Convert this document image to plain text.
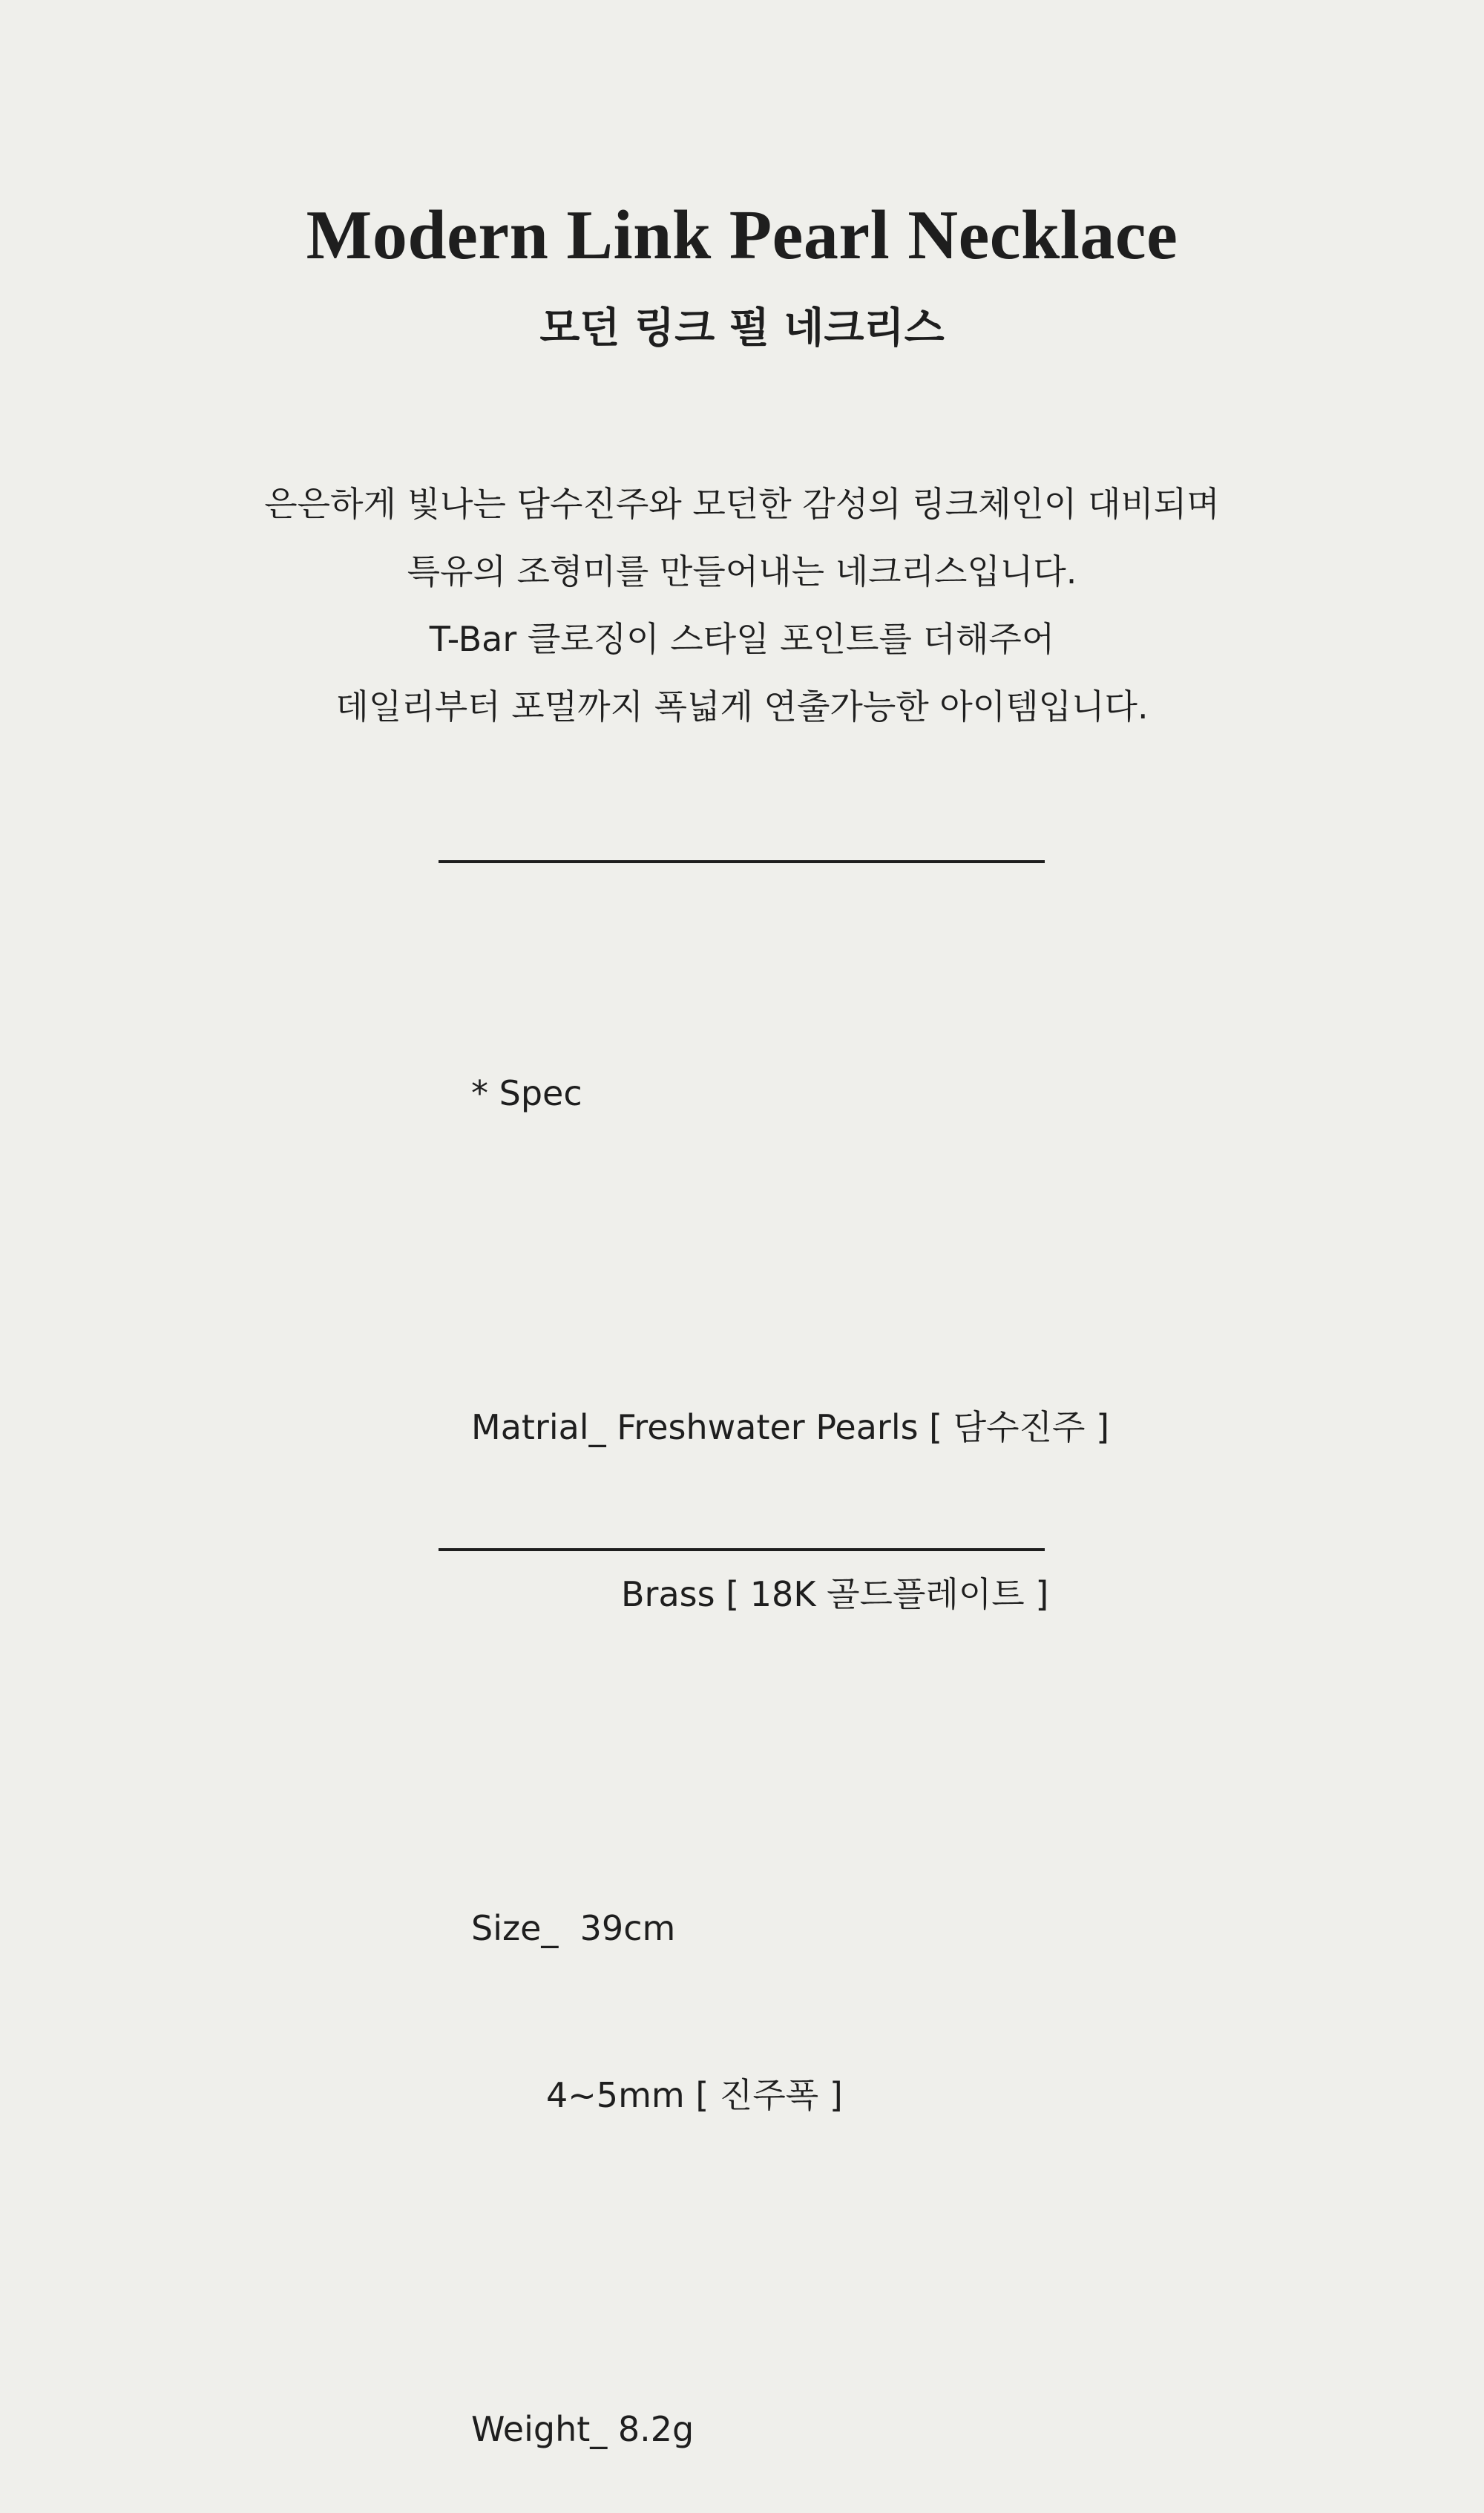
Modern Link Pearl Necklace
모던 링크 펄 네크리스
은은하게 빛나는 담수진주와 모던한 감성의 링크체인이 대비되며
특유의 조형미를 만들어내는 네크리스입니다.
T-Bar 클로징이 스타일 포인트를 더해주어
데일리부터 포멀까지 폭넓게 연출가능한 아이템입니다.

* Spec

Matrial_ Freshwater Pearls [ 담수진주 ]

Brass [ 18K 골드플레이트 ]

Size_  39cm

4~5mm [ 진주폭 ]

Weight_ 8.2g
